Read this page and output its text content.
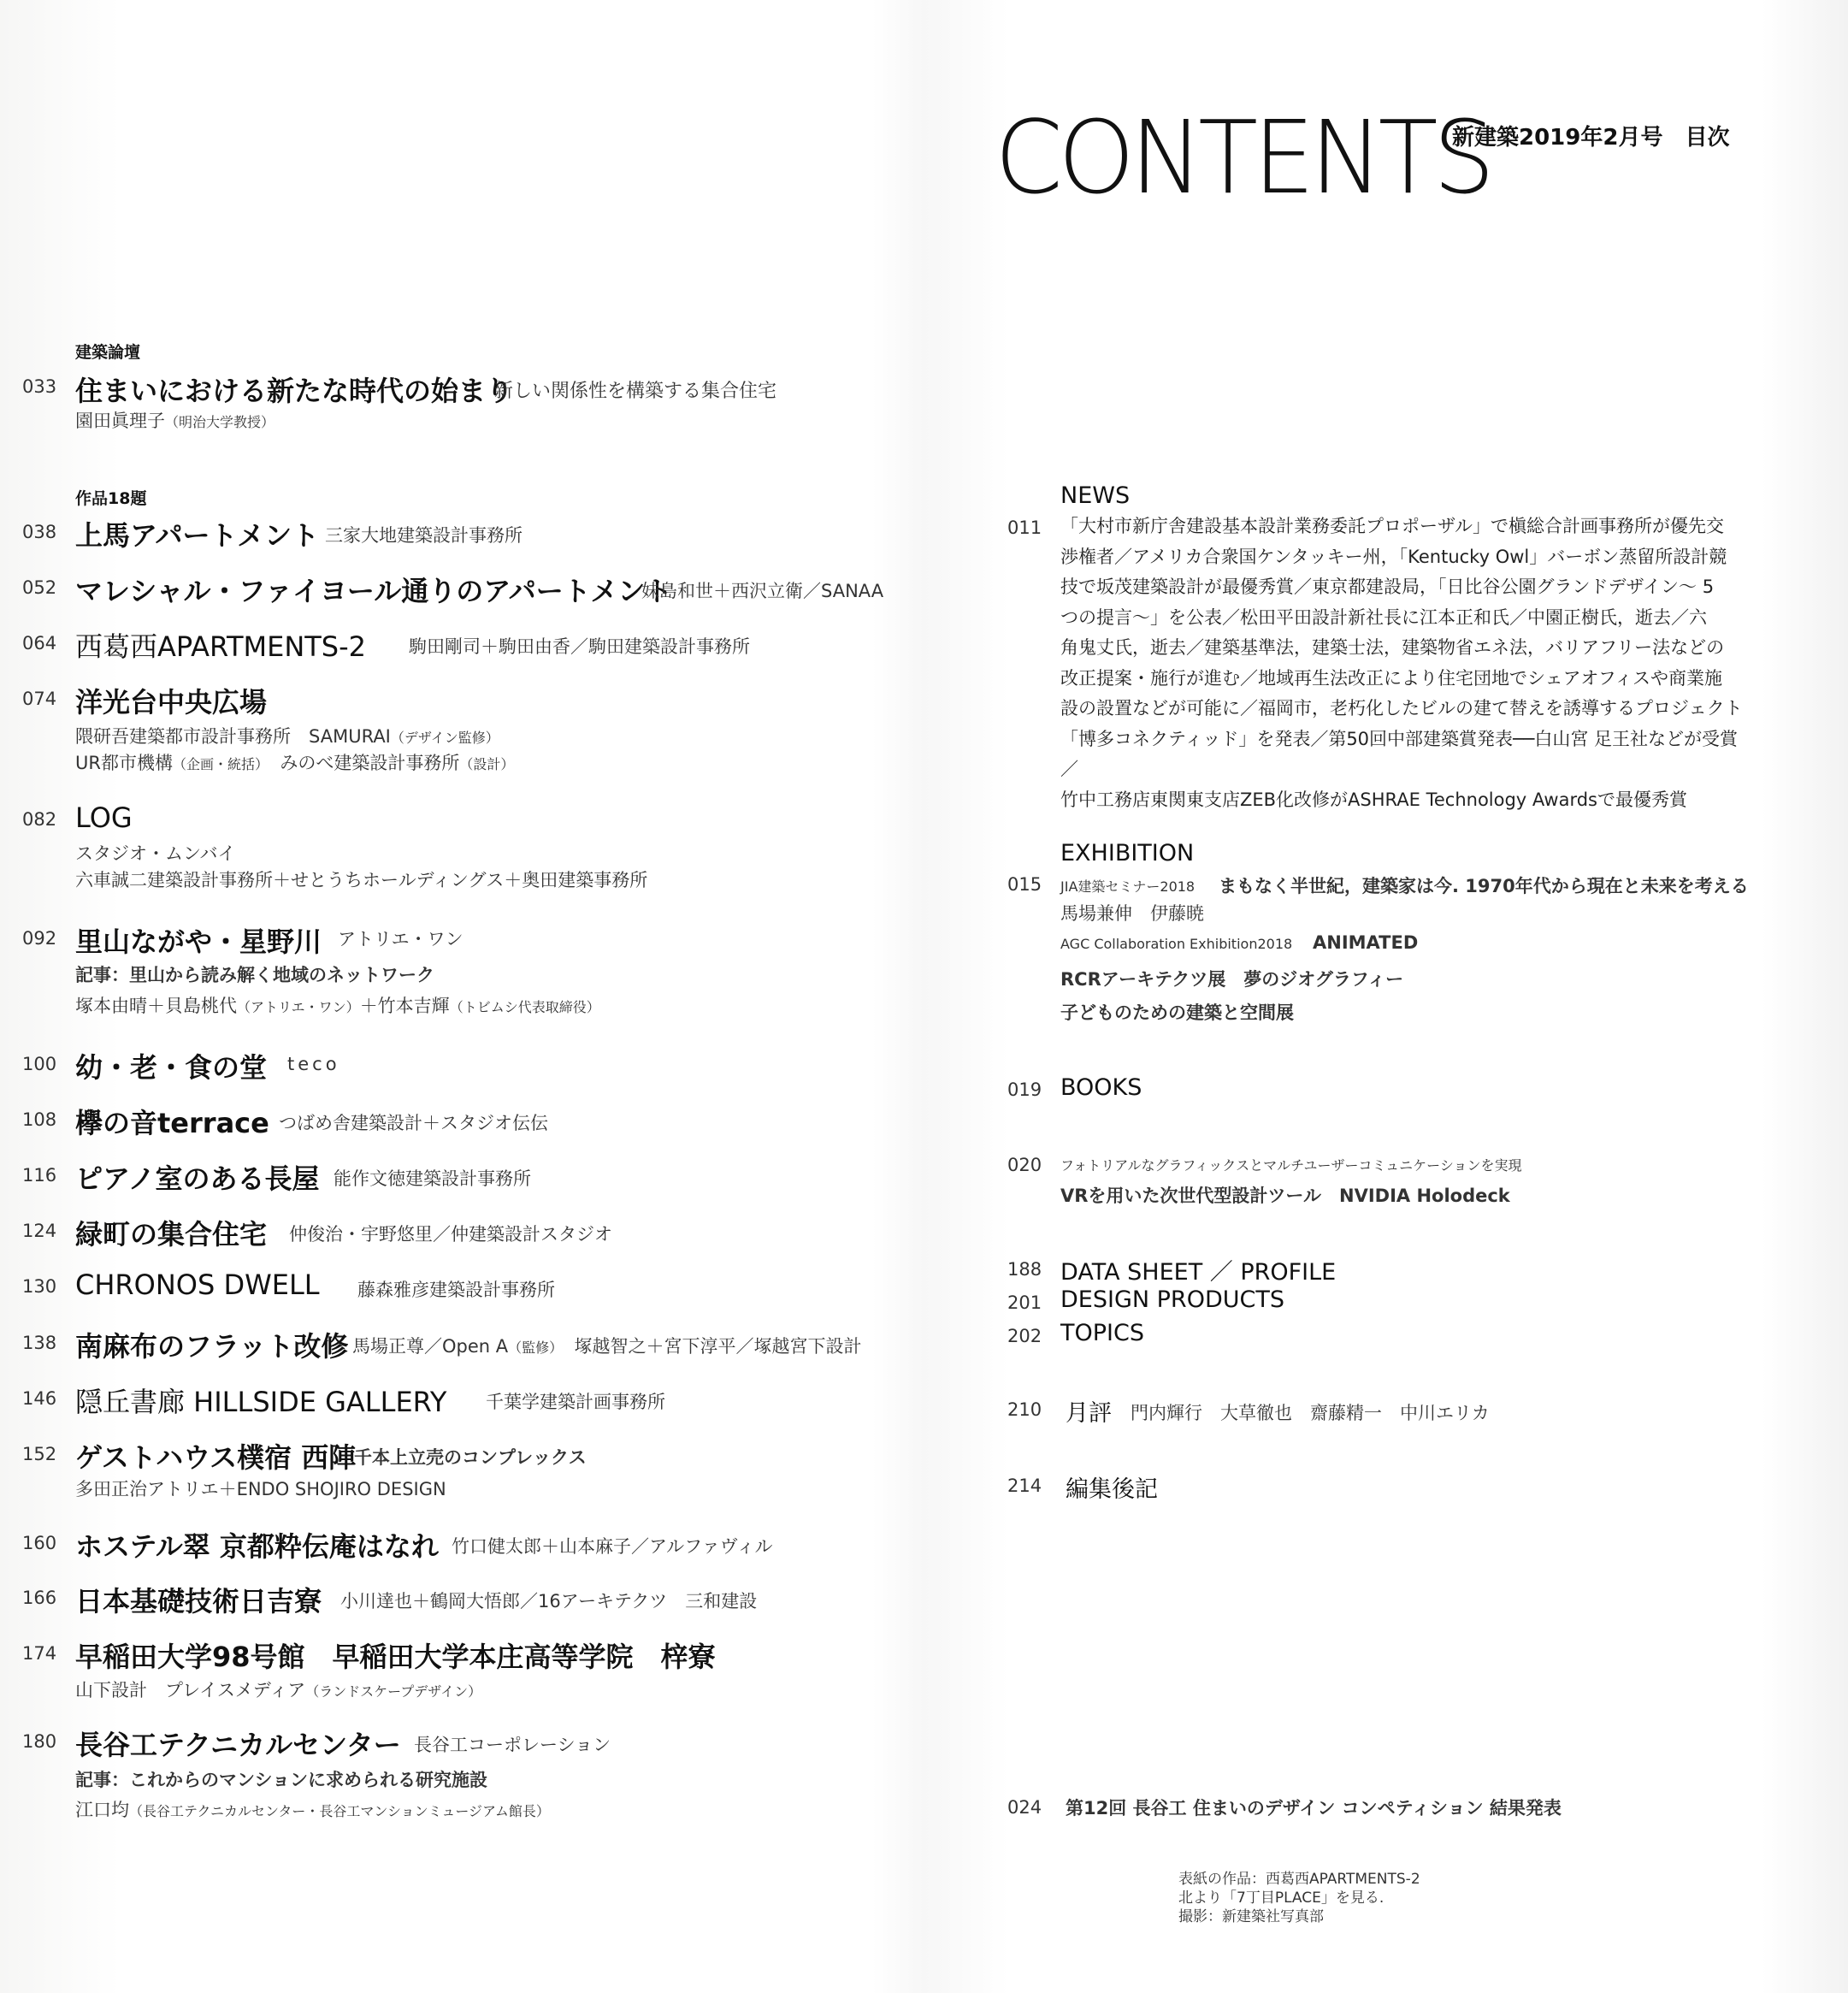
CONTENTS
新建築2019年2月号　目次
建築論壇
033 住まいにおける新たな時代の始まり
新しい関係性を構築する集合住宅
園田眞理子（明治大学教授）
作品18題
038 上馬アパートメント 三家大地建築設計事務所
052 マレシャル・ファイヨール通りのアパートメント
妹島和世＋西沢立衛／SANAA
064 西葛西APARTMENTS-2 駒田剛司＋駒田由香／駒田建築設計事務所
074 洋光台中央広場
隈研吾建築都市設計事務所　SAMURAI（デザイン監修）
UR都市機構（企画・統括） みのべ建築設計事務所（設計）
082 LOG
スタジオ・ムンバイ
六車誠二建築設計事務所＋せとうちホールディングス＋奥田建築事務所
092 里山ながや・星野川 アトリエ・ワン
記事：里山から読み解く地域のネットワーク
塚本由晴＋貝島桃代（アトリエ・ワン）＋竹本吉輝（トビムシ代表取締役）
100 幼・老・食の堂 teco
108 欅の音terrace つばめ舎建築設計＋スタジオ伝伝
116 ピアノ室のある長屋 能作文徳建築設計事務所
124 緑町の集合住宅 仲俊治・宇野悠里／仲建築設計スタジオ
130 CHRONOS DWELL 藤森雅彦建築設計事務所
138 南麻布のフラット改修 馬場正尊／Open A（監修） 塚越智之＋宮下淳平／塚越宮下設計
146 隠丘書廊 HILLSIDE GALLERY 千葉学建築計画事務所
152 ゲストハウス樸宿 西陣
千本上立売のコンプレックス
多田正治アトリエ＋ENDO SHOJIRO DESIGN
160 ホステル翠 京都粋伝庵はなれ 竹口健太郎＋山本麻子／アルファヴィル
166 日本基礎技術日吉寮 小川達也＋鶴岡大悟郎／16アーキテクツ　三和建設
174 早稲田大学98号館　早稲田大学本庄高等学院　梓寮
山下設計　プレイスメディア（ランドスケープデザイン）
180 長谷工テクニカルセンター 長谷工コーポレーション
記事：これからのマンションに求められる研究施設
江口均（長谷工テクニカルセンター・長谷工マンションミュージアム館長）
NEWS
011 「大村市新庁舎建設基本設計業務委託プロポーザル」で槇総合計画事務所が優先交
渉権者／アメリカ合衆国ケンタッキー州，「Kentucky Owl」バーボン蒸留所設計競
技で坂茂建築設計が最優秀賞／東京都建設局，「日比谷公園グランドデザイン〜 5
つの提言〜」を公表／松田平田設計新社長に江本正和氏／中園正樹氏，逝去／六
角鬼丈氏，逝去／建築基準法，建築士法，建築物省エネ法，バリアフリー法などの
改正提案・施行が進む／地域再生法改正により住宅団地でシェアオフィスや商業施
設の設置などが可能に／福岡市，老朽化したビルの建て替えを誘導するプロジェクト
「博多コネクティッド」を発表／第50回中部建築賞発表──白山宮 足王社などが受賞／
竹中工務店東関東支店ZEB化改修がASHRAE Technology Awardsで最優秀賞
EXHIBITION
015 JIA建築セミナー2018 まもなく半世紀，建築家は今. 1970年代から現在と未来を考える
馬場兼伸　伊藤暁
AGC Collaboration Exhibition2018 ANIMATED
RCRアーキテクツ展　夢のジオグラフィー
子どものための建築と空間展
019 BOOKS
020 フォトリアルなグラフィックスとマルチユーザーコミュニケーションを実現
VRを用いた次世代型設計ツール　NVIDIA Holodeck
188 DATA SHEET ／ PROFILE
201 DESIGN PRODUCTS
202 TOPICS
210 月評 門内輝行　大草徹也　齋藤精一　中川エリカ
214 編集後記
024 第12回 長谷工 住まいのデザイン コンペティション 結果発表
表紙の作品：西葛西APARTMENTS-2
北より「7丁目PLACE」を見る.
撮影：新建築社写真部
